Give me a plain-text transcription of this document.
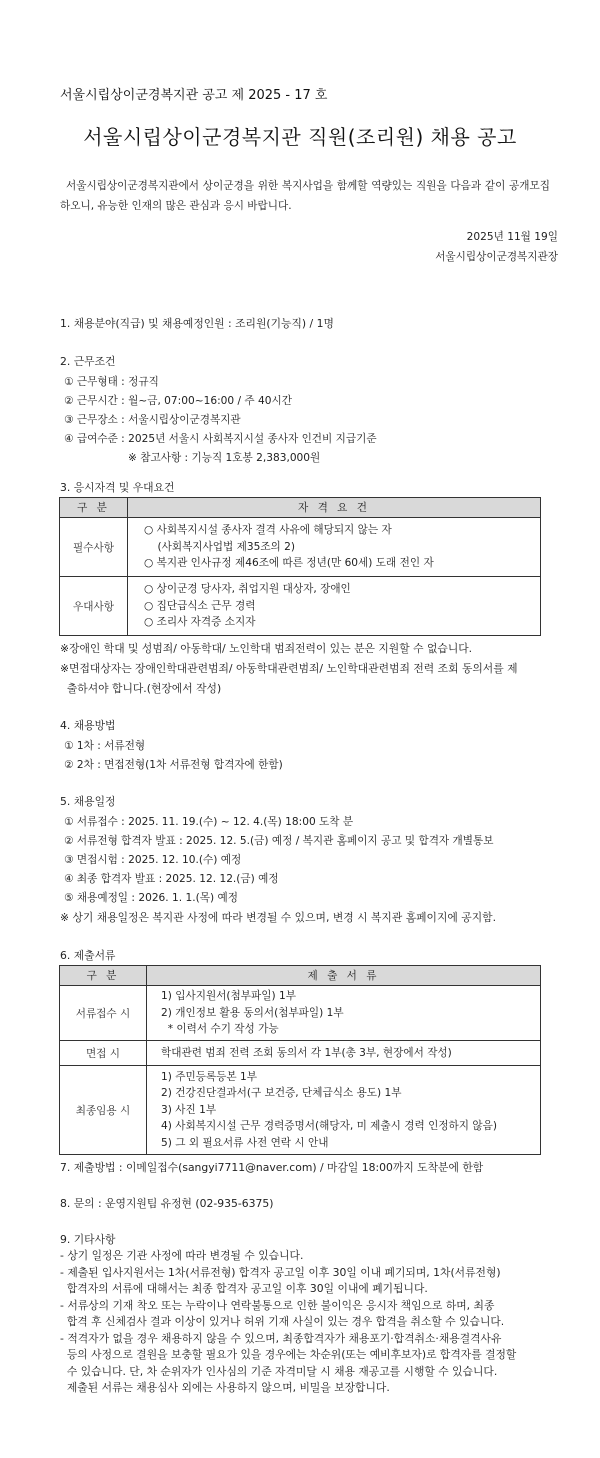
서울시립상이군경복지관 공고 제 2025 - 17 호
서울시립상이군경복지관 직원(조리원) 채용 공고
서울시립상이군경복지관에서 상이군경을 위한 복지사업을 함께할 역량있는 직원을 다음과 같이 공개모집 하오니, 유능한 인재의 많은 관심과 응시 바랍니다.
2025년 11월 19일
서울시립상이군경복지관장
1. 채용분야(직급) 및 채용예정인원 : 조리원(기능직) / 1명
2. 근무조건
① 근무형태 : 정규직
② 근무시간 : 월~금, 07:00~16:00 / 주 40시간
③ 근무장소 : 서울시립상이군경복지관
④ 급여수준 : 2025년 서울시 사회복지시설 종사자 인건비 지급기준
※ 참고사항 : 기능직 1호봉 2,383,000원
3. 응시자격 및 우대요건
구 분	자 격 요 건
필수사항	○ 사회복지시설 종사자 결격 사유에 해당되지 않는 자
(사회복지사업법 제35조의 2)
○ 복지관 인사규정 제46조에 따른 정년(만 60세) 도래 전인 자

우대사항	○ 상이군경 당사자, 취업지원 대상자, 장애인
○ 집단급식소 근무 경력
○ 조리사 자격증 소지자
※장애인 학대 및 성범죄/ 아동학대/ 노인학대 범죄전력이 있는 분은 지원할 수 없습니다.
※면접대상자는 장애인학대관련범죄/ 아동학대관련범죄/ 노인학대관련범죄 전력 조회 동의서를 제
출하셔야 합니다.(현장에서 작성)
4. 채용방법
① 1차 : 서류전형
② 2차 : 면접전형(1차 서류전형 합격자에 한함)
5. 채용일정
① 서류접수 : 2025. 11. 19.(수) ~ 12. 4.(목) 18:00 도착 분
② 서류전형 합격자 발표 : 2025. 12. 5.(금) 예정 / 복지관 홈페이지 공고 및 합격자 개별통보
③ 면접시험 : 2025. 12. 10.(수) 예정
④ 최종 합격자 발표 : 2025. 12. 12.(금) 예정
⑤ 채용예정일 : 2026. 1. 1.(목) 예정
※ 상기 채용일정은 복지관 사정에 따라 변경될 수 있으며, 변경 시 복지관 홈페이지에 공지함.
6. 제출서류
구 분	제 출 서 류
서류접수 시	1) 입사지원서(첨부파일) 1부
2) 개인정보 활용 동의서(첨부파일) 1부
* 이력서 수기 작성 가능

면접 시	학대관련 범죄 전력 조회 동의서 각 1부(총 3부, 현장에서 작성)

최종임용 시	1) 주민등록등본 1부
2) 건강진단결과서(구 보건증, 단체급식소 용도) 1부
3) 사진 1부
4) 사회복지시설 근무 경력증명서(해당자, 미 제출시 경력 인정하지 않음)
5) 그 외 필요서류 사전 연락 시 안내
7. 제출방법 : 이메일접수(sangyi7711@naver.com) / 마감일 18:00까지 도착분에 한함
8. 문의 : 운영지원팀 유정현 (02-935-6375)
9. 기타사항
- 상기 일정은 기관 사정에 따라 변경될 수 있습니다.
- 제출된 입사지원서는 1차(서류전형) 합격자 공고일 이후 30일 이내 폐기되며, 1차(서류전형)
합격자의 서류에 대해서는 최종 합격자 공고일 이후 30일 이내에 폐기됩니다.
- 서류상의 기재 착오 또는 누락이나 연락불통으로 인한 불이익은 응시자 책임으로 하며, 최종
합격 후 신체검사 결과 이상이 있거나 허위 기재 사실이 있는 경우 합격을 취소할 수 있습니다.
- 적격자가 없을 경우 채용하지 않을 수 있으며, 최종합격자가 채용포기·합격취소·채용결격사유
등의 사정으로 결원을 보충할 필요가 있을 경우에는 차순위(또는 예비후보자)로 합격자를 결정할
수 있습니다. 단, 차 순위자가 인사심의 기준 자격미달 시 채용 재공고를 시행할 수 있습니다.
제출된 서류는 채용심사 외에는 사용하지 않으며, 비밀을 보장합니다.
